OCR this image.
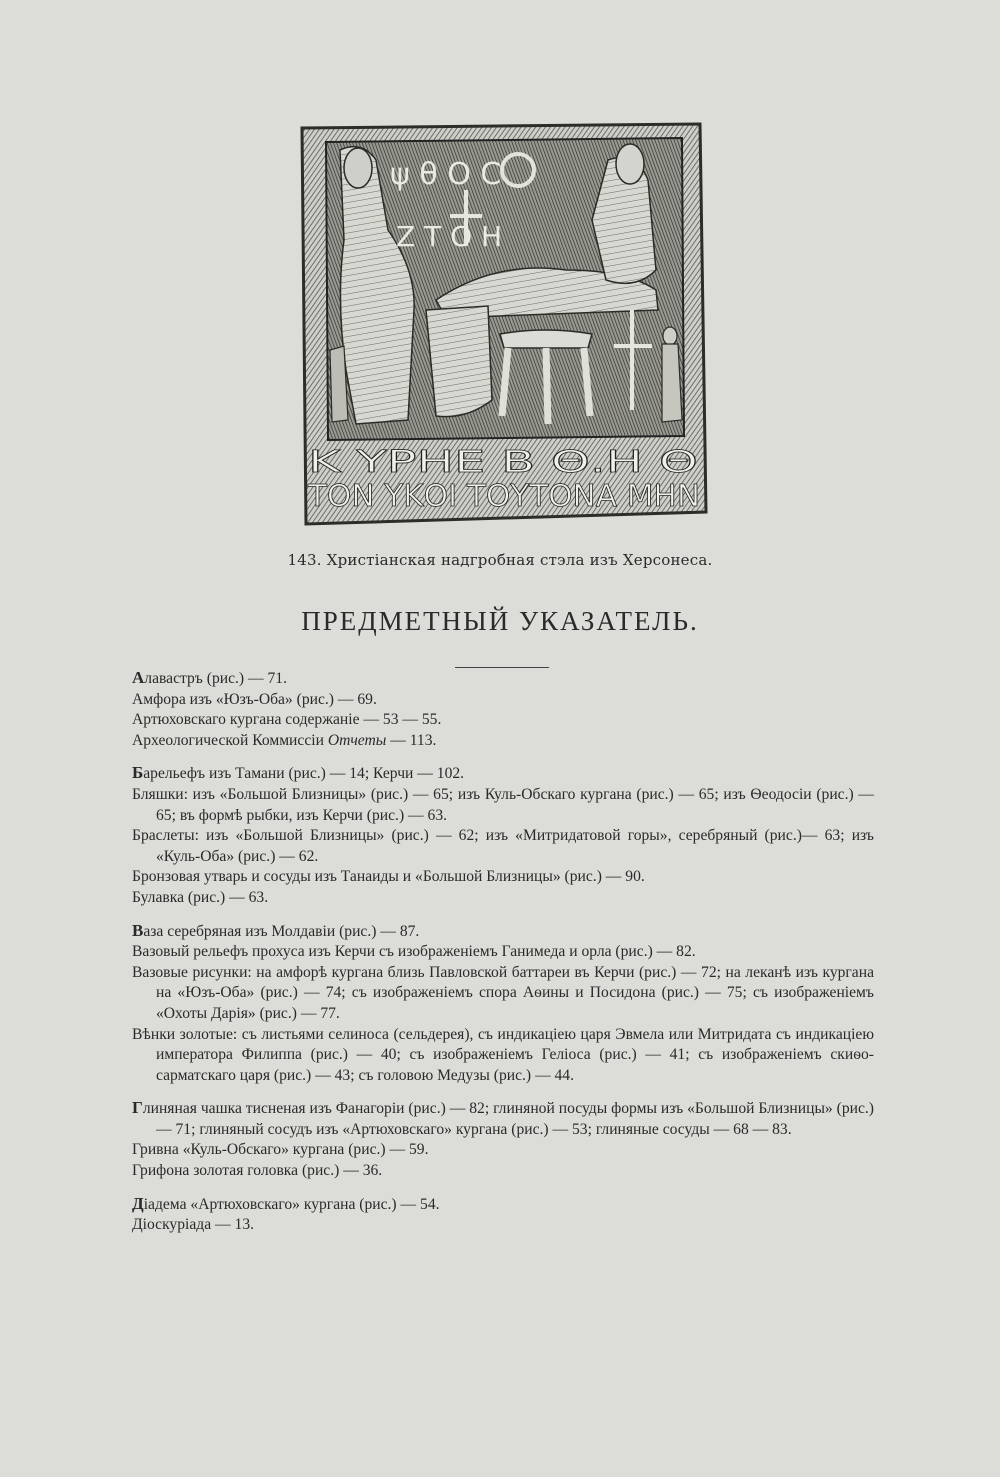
ψ θ Ο C
Ζ Τ Ο Η
Κ ΥΡΗΕ Β Θ.Η Θ
ΤΟΝ ΥΚΟΙ ΤΟΥΤΟΝΑ ΜΗΝ
143. Христіанская надгробная стэла изъ Херсонеса.
ПРЕДМЕТНЫЙ УКАЗАТЕЛЬ.
Алавастръ (рис.) — 71.
Амфора изъ «Юзъ-Оба» (рис.) — 69.
Артюховскаго кургана содержаніе — 53 — 55.
Археологической Коммиссіи Отчеты — 113.
Барельефъ изъ Тамани (рис.) — 14; Керчи — 102.
Бляшки: изъ «Большой Близницы» (рис.) — 65; изъ Куль-Обскаго кургана (рис.) — 65; изъ Ѳеодосіи (рис.) — 65; въ формѣ рыбки, изъ Керчи (рис.) — 63.
Браслеты: изъ «Большой Близницы» (рис.) — 62; изъ «Митридатовой горы», серебряный (рис.)— 63; изъ «Куль-Оба» (рис.) — 62.
Бронзовая утварь и сосуды изъ Танаиды и «Большой Близницы» (рис.) — 90.
Булавка (рис.) — 63.
Ваза серебряная изъ Молдавіи (рис.) — 87.
Вазовый рельефъ прохуса изъ Керчи съ изображеніемъ Ганимеда и орла (рис.) — 82.
Вазовые рисунки: на амфорѣ кургана близь Павловской баттареи въ Керчи (рис.) — 72; на леканѣ изъ кургана на «Юзъ-Оба» (рис.) — 74; съ изображеніемъ спора Аѳины и Посидона (рис.) — 75; съ изображеніемъ «Охоты Дарія» (рис.) — 77.
Вѣнки золотые: съ листьями селиноса (сельдерея), съ индикаціею царя Эвмела или Митридата съ индикаціею императора Филиппа (рис.) — 40; съ изображеніемъ Геліоса (рис.) — 41; съ изображеніемъ скиѳо-сарматскаго царя (рис.) — 43; съ головою Медузы (рис.) — 44.
Глиняная чашка тисненая изъ Фанагоріи (рис.) — 82; глиняной посуды формы изъ «Большой Близницы» (рис.) — 71; глиняный сосудъ изъ «Артюховскаго» кургана (рис.) — 53; глиняные сосуды — 68 — 83.
Гривна «Куль-Обскаго» кургана (рис.) — 59.
Грифона золотая головка (рис.) — 36.
Діадема «Артюховскаго» кургана (рис.) — 54.
Діоскуріада — 13.
